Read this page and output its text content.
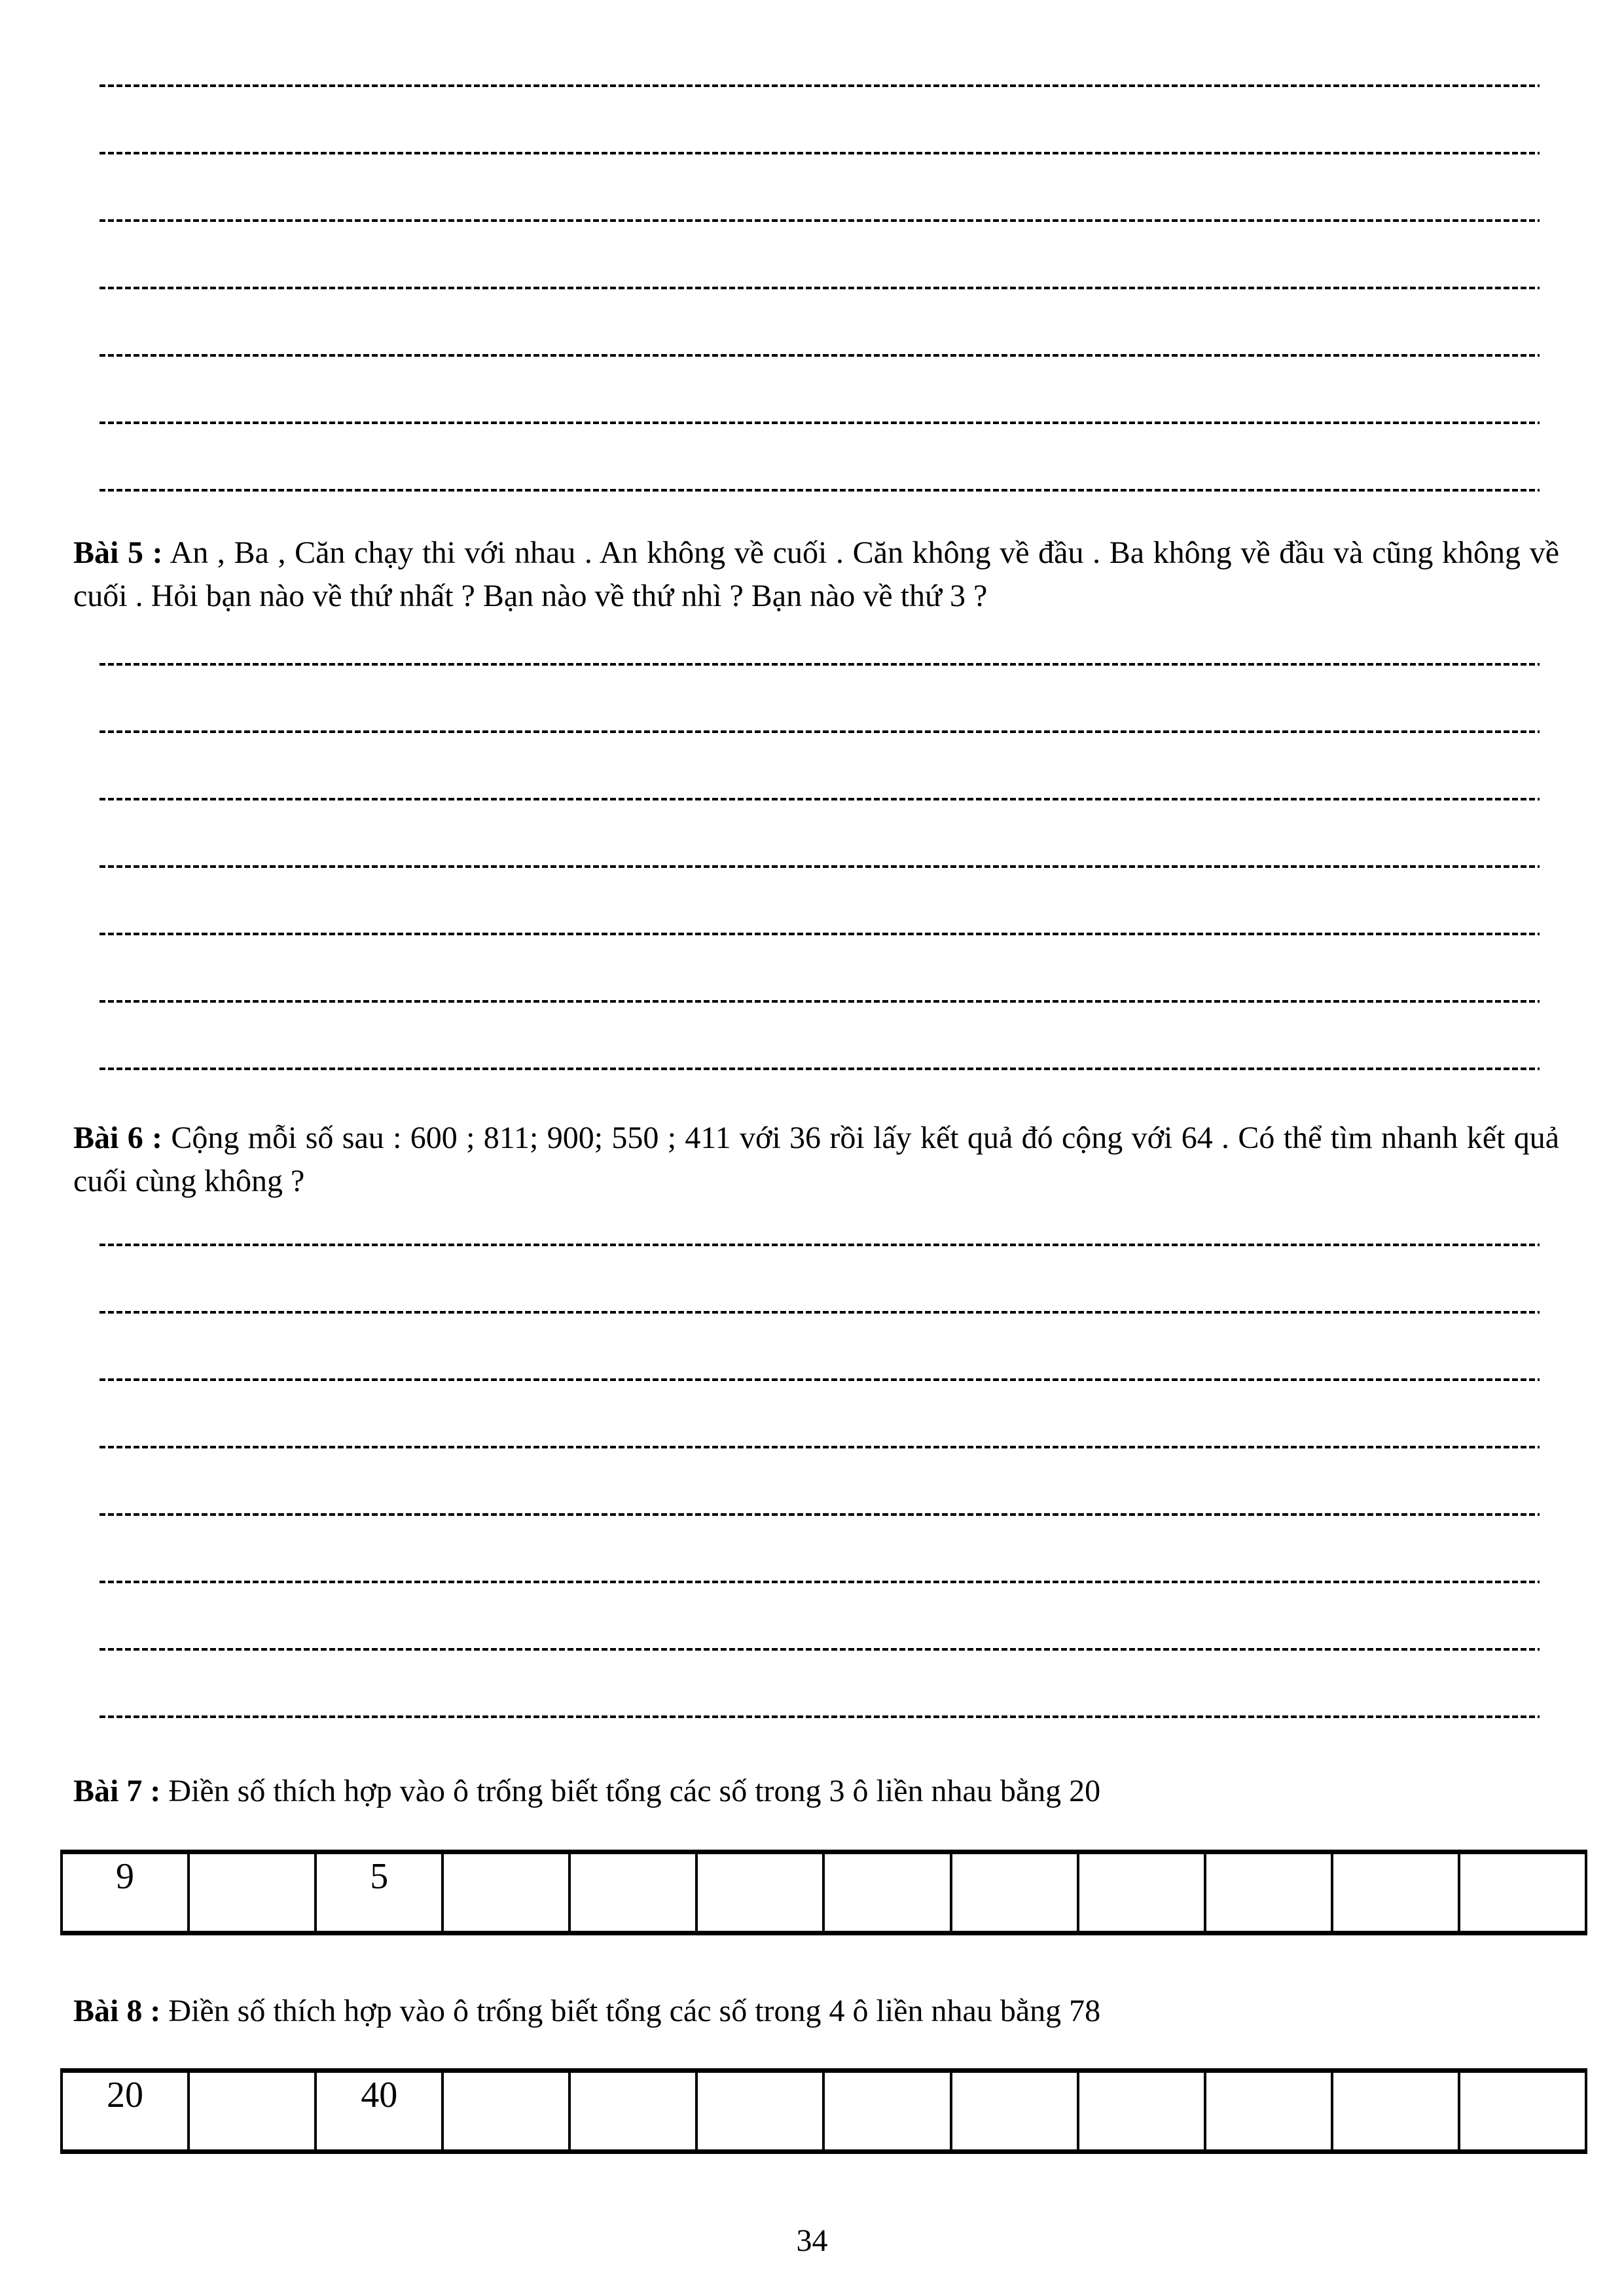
Bài 5 : An , Ba , Căn chạy thi với nhau . An không về cuối . Căn không về đầu . Ba không về đầu và cũng không về cuối . Hỏi bạn nào về thứ nhất ? Bạn nào về thứ nhì ? Bạn nào về thứ 3 ?

Bài 6 : Cộng mỗi số sau : 600 ; 811; 900; 550 ; 411 với 36 rồi lấy kết quả đó cộng với 64 . Có thể tìm nhanh kết quả cuối cùng không ?

Bài 7 : Điền số thích hợp vào ô trống biết tổng các số trong 3 ô liền nhau bằng 20

9	5

Bài 8 : Điền số thích hợp vào ô trống biết tổng các số trong 4 ô liền nhau bằng 78

20	40
34
